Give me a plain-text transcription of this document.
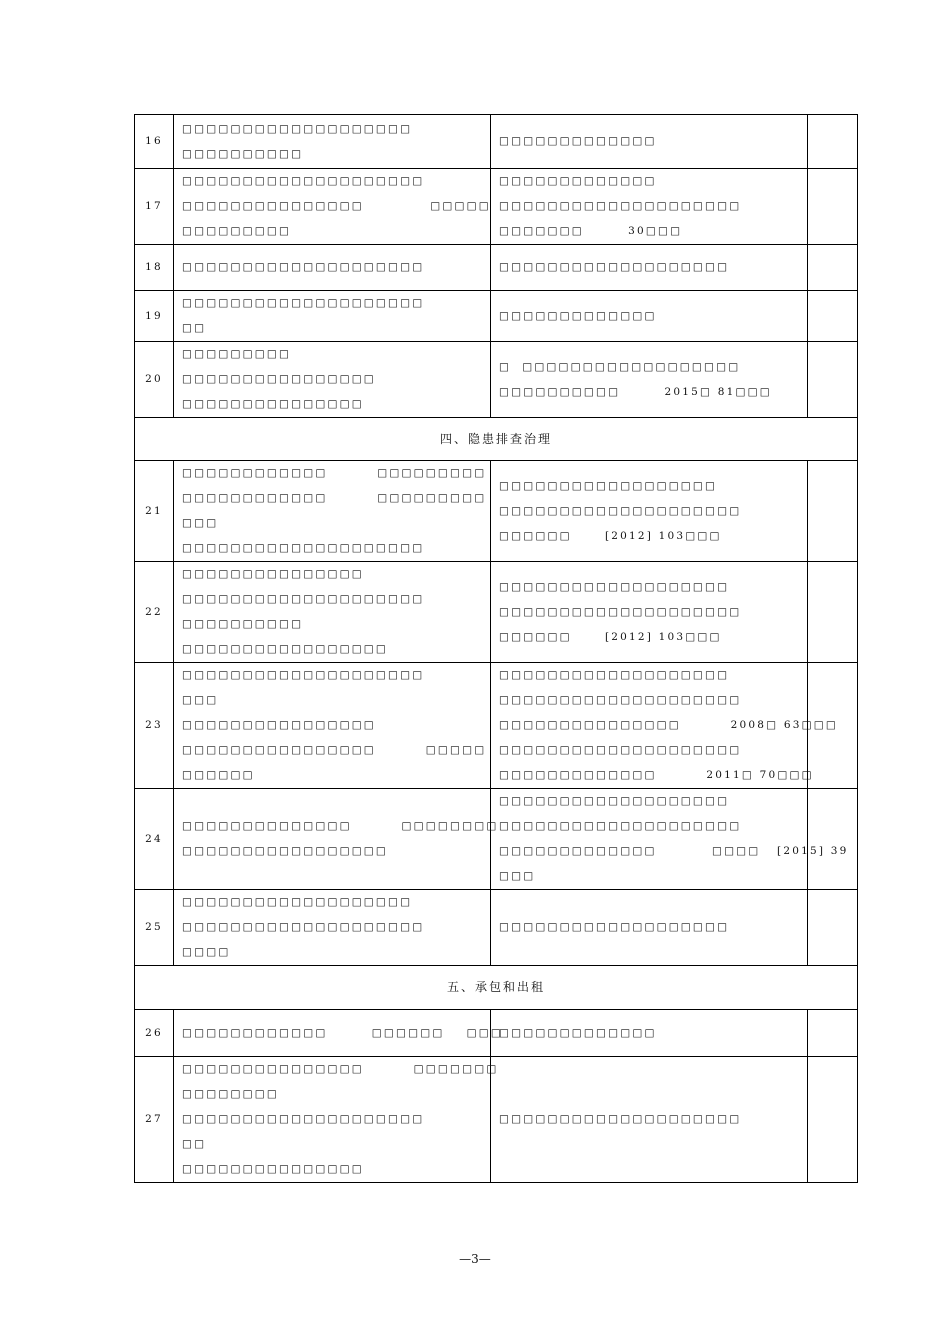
16	□□□□□□□□□□□□□□□□□□□
□□□□□□□□□□	□□□□□□□□□□□□□	

17	□□□□□□□□□□□□□□□□□□□□
□□□□□□□□□□□□□□□            □□□□□
□□□□□□□□□	□□□□□□□□□□□□□
□□□□□□□□□□□□□□□□□□□□
□□□□□□□        30□□□	

18	□□□□□□□□□□□□□□□□□□□□	□□□□□□□□□□□□□□□□□□□	

19	□□□□□□□□□□□□□□□□□□□□
□□	□□□□□□□□□□□□□	

20	□□□□□□□□□
□□□□□□□□□□□□□□□□
□□□□□□□□□□□□□□□	□  □□□□□□□□□□□□□□□□□□
□□□□□□□□□□        2015□ 81□□□	

四、隐患排查治理			
21	□□□□□□□□□□□□         □□□□□□□□□
□□□□□□□□□□□□         □□□□□□□□□
□□□
□□□□□□□□□□□□□□□□□□□□	□□□□□□□□□□□□□□□□□□
□□□□□□□□□□□□□□□□□□□□
□□□□□□      [2012] 103□□□	

22	□□□□□□□□□□□□□□□
□□□□□□□□□□□□□□□□□□□□
□□□□□□□□□□
□□□□□□□□□□□□□□□□□	□□□□□□□□□□□□□□□□□□□
□□□□□□□□□□□□□□□□□□□□
□□□□□□      [2012] 103□□□	

23	□□□□□□□□□□□□□□□□□□□□
□□□
□□□□□□□□□□□□□□□□
□□□□□□□□□□□□□□□□         □□□□□
□□□□□□	□□□□□□□□□□□□□□□□□□□
□□□□□□□□□□□□□□□□□□□□
□□□□□□□□□□□□□□□         2008□ 63□□□
□□□□□□□□□□□□□□□□□□□□
□□□□□□□□□□□□□         2011□ 70□□□	

24	□□□□□□□□□□□□□□         □□□□□□□□
□□□□□□□□□□□□□□□□□	□□□□□□□□□□□□□□□□□□□
□□□□□□□□□□□□□□□□□□□□
□□□□□□□□□□□□□          □□□□   [2015] 39
□□□	

25	□□□□□□□□□□□□□□□□□□□
□□□□□□□□□□□□□□□□□□□□
□□□□	□□□□□□□□□□□□□□□□□□□	

五、承包和出租			
26	□□□□□□□□□□□□        □□□□□□    □□□	□□□□□□□□□□□□□	

27	□□□□□□□□□□□□□□□         □□□□□□□
□□□□□□□□
□□□□□□□□□□□□□□□□□□□□
□□
□□□□□□□□□□□□□□□	□□□□□□□□□□□□□□□□□□□□	

—3—
